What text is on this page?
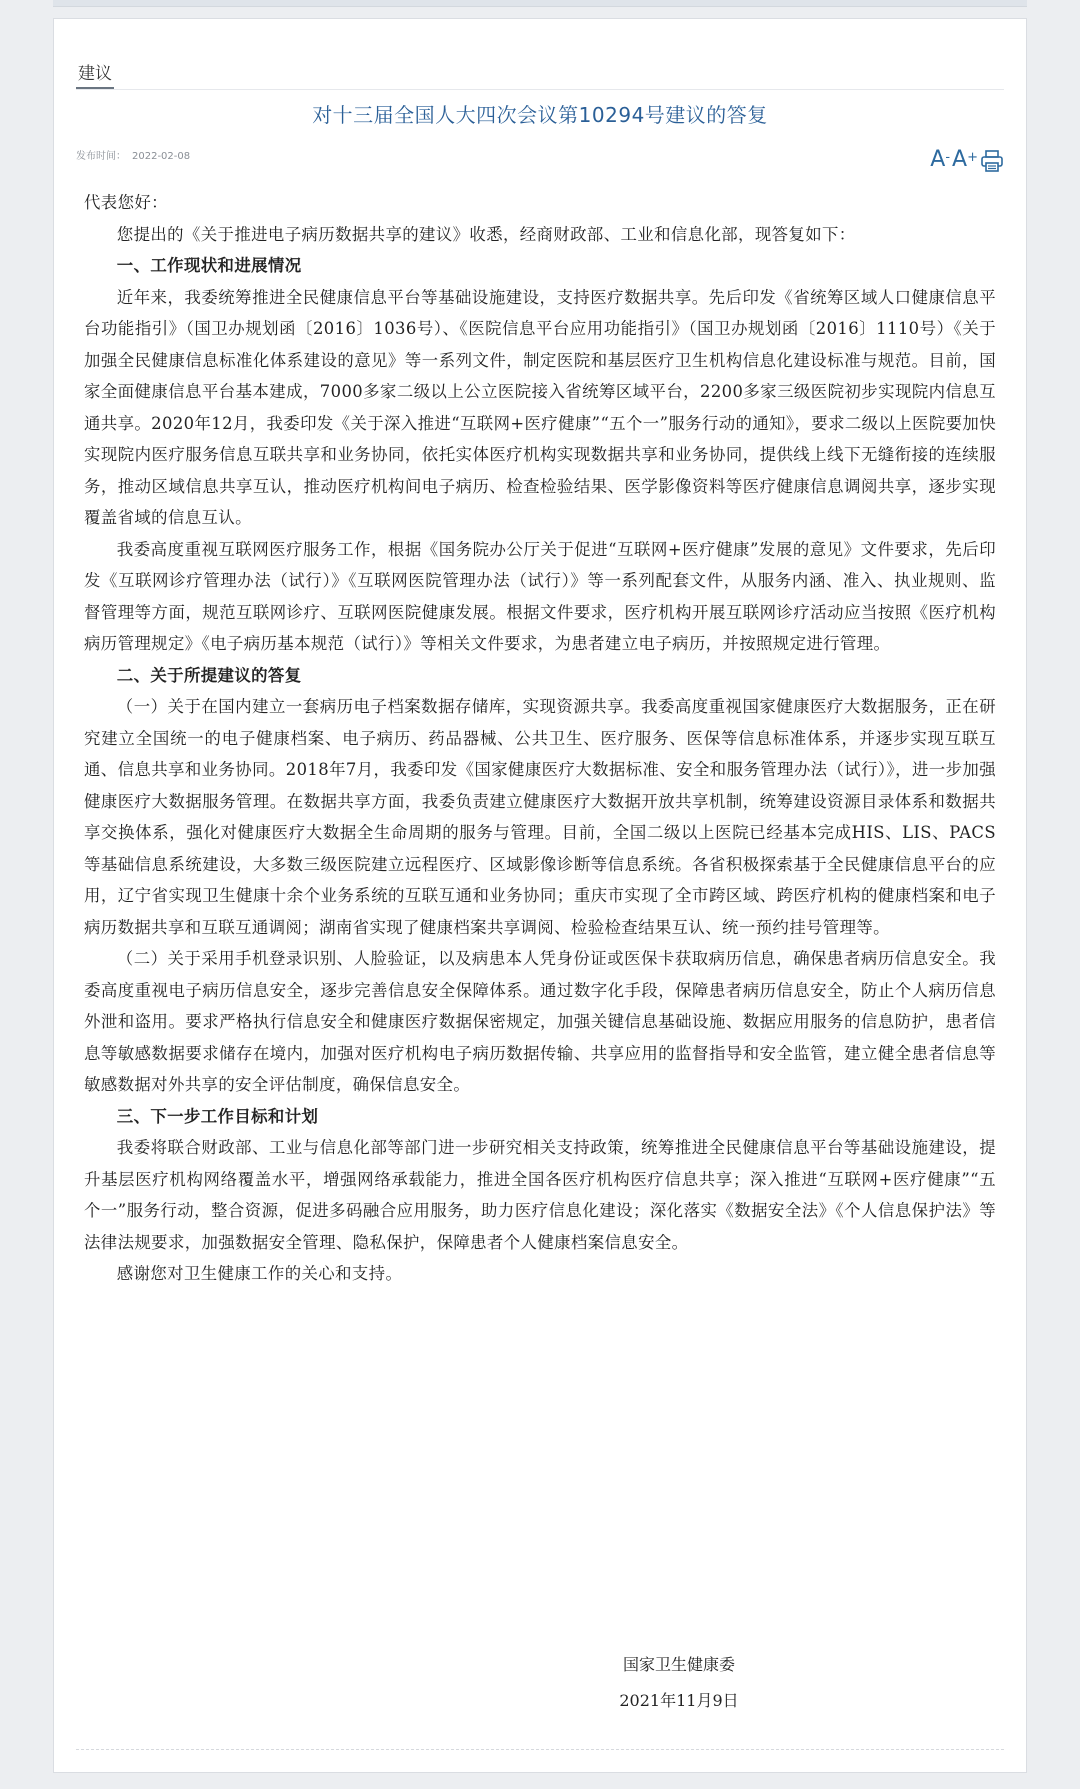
建议
对十三届全国人大四次会议第10294号建议的答复
发布时间： 2022-02-08	A- A+

代表您好：

您提出的《关于推进电子病历数据共享的建议》收悉，经商财政部、工业和信息化部，现答复如下：

一、工作现状和进展情况

近年来，我委统筹推进全民健康信息平台等基础设施建设，支持医疗数据共享。先后印发《省统筹区域人口健康信息平台功能指引》（国卫办规划函〔2016〕1036号）、《医院信息平台应用功能指引》（国卫办规划函〔2016〕1110号）《关于加强全民健康信息标准化体系建设的意见》等一系列文件，制定医院和基层医疗卫生机构信息化建设标准与规范。目前，国家全面健康信息平台基本建成，7000多家二级以上公立医院接入省统筹区域平台，2200多家三级医院初步实现院内信息互通共享。2020年12月，我委印发《关于深入推进“互联网+医疗健康”“五个一”服务行动的通知》，要求二级以上医院要加快实现院内医疗服务信息互联共享和业务协同，依托实体医疗机构实现数据共享和业务协同，提供线上线下无缝衔接的连续服务，推动区域信息共享互认，推动医疗机构间电子病历、检查检验结果、医学影像资料等医疗健康信息调阅共享，逐步实现覆盖省域的信息互认。

我委高度重视互联网医疗服务工作，根据《国务院办公厅关于促进“互联网+医疗健康”发展的意见》文件要求，先后印发《互联网诊疗管理办法（试行）》《互联网医院管理办法（试行）》等一系列配套文件，从服务内涵、准入、执业规则、监督管理等方面，规范互联网诊疗、互联网医院健康发展。根据文件要求，医疗机构开展互联网诊疗活动应当按照《医疗机构病历管理规定》《电子病历基本规范（试行）》等相关文件要求，为患者建立电子病历，并按照规定进行管理。

二、关于所提建议的答复

（一）关于在国内建立一套病历电子档案数据存储库，实现资源共享。我委高度重视国家健康医疗大数据服务，正在研究建立全国统一的电子健康档案、电子病历、药品器械、公共卫生、医疗服务、医保等信息标准体系，并逐步实现互联互通、信息共享和业务协同。2018年7月，我委印发《国家健康医疗大数据标准、安全和服务管理办法（试行）》，进一步加强健康医疗大数据服务管理。在数据共享方面，我委负责建立健康医疗大数据开放共享机制，统筹建设资源目录体系和数据共享交换体系，强化对健康医疗大数据全生命周期的服务与管理。目前，全国二级以上医院已经基本完成HIS、LIS、PACS等基础信息系统建设，大多数三级医院建立远程医疗、区域影像诊断等信息系统。各省积极探索基于全民健康信息平台的应用，辽宁省实现卫生健康十余个业务系统的互联互通和业务协同；重庆市实现了全市跨区域、跨医疗机构的健康档案和电子病历数据共享和互联互通调阅；湖南省实现了健康档案共享调阅、检验检查结果互认、统一预约挂号管理等。

（二）关于采用手机登录识别、人脸验证，以及病患本人凭身份证或医保卡获取病历信息，确保患者病历信息安全。我委高度重视电子病历信息安全，逐步完善信息安全保障体系。通过数字化手段，保障患者病历信息安全，防止个人病历信息外泄和盗用。要求严格执行信息安全和健康医疗数据保密规定，加强关键信息基础设施、数据应用服务的信息防护，患者信息等敏感数据要求储存在境内，加强对医疗机构电子病历数据传输、共享应用的监督指导和安全监管，建立健全患者信息等敏感数据对外共享的安全评估制度，确保信息安全。

三、下一步工作目标和计划

我委将联合财政部、工业与信息化部等部门进一步研究相关支持政策，统筹推进全民健康信息平台等基础设施建设，提升基层医疗机构网络覆盖水平，增强网络承载能力，推进全国各医疗机构医疗信息共享；深入推进“互联网+医疗健康”“五个一”服务行动，整合资源，促进多码融合应用服务，助力医疗信息化建设；深化落实《数据安全法》《个人信息保护法》等法律法规要求，加强数据安全管理、隐私保护，保障患者个人健康档案信息安全。

感谢您对卫生健康工作的关心和支持。

国家卫生健康委
2021年11月9日
